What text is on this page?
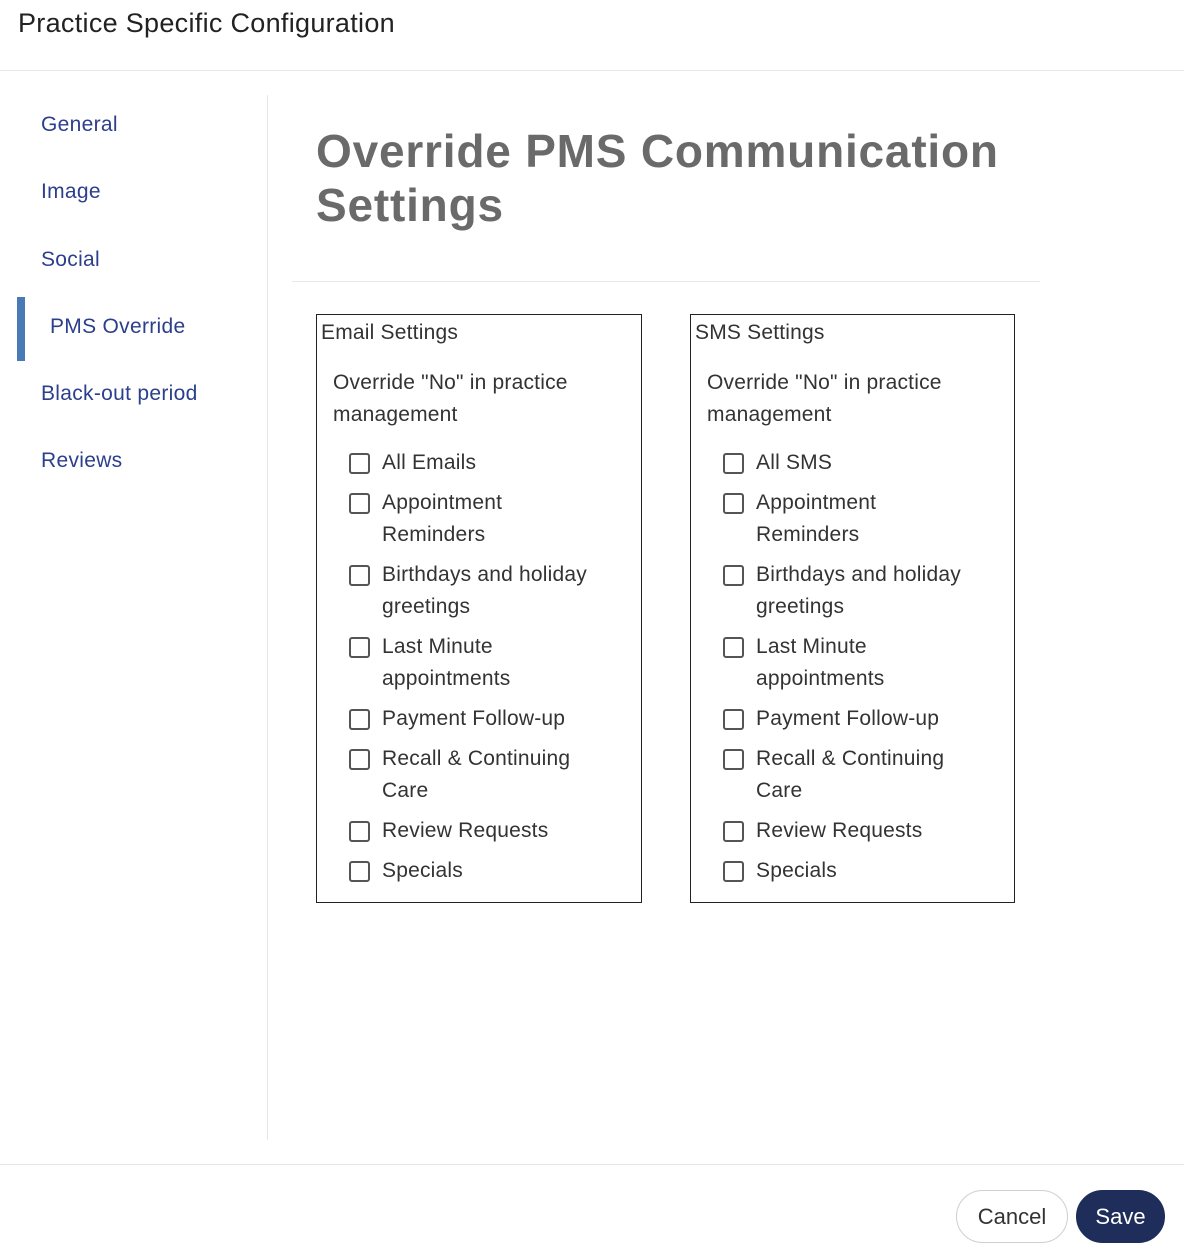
Practice Specific Configuration
General
Image
Social
PMS Override
Black-out period
Reviews
Override PMS Communication Settings
Email Settings
Override "No" in practice management
All Emails
Appointment Reminders
Birthdays and holiday greetings
Last Minute appointments
Payment Follow-up
Recall & Continuing Care
Review Requests
Specials
SMS Settings
Override "No" in practice management
All SMS
Appointment Reminders
Birthdays and holiday greetings
Last Minute appointments
Payment Follow-up
Recall & Continuing Care
Review Requests
Specials
Cancel	Save
